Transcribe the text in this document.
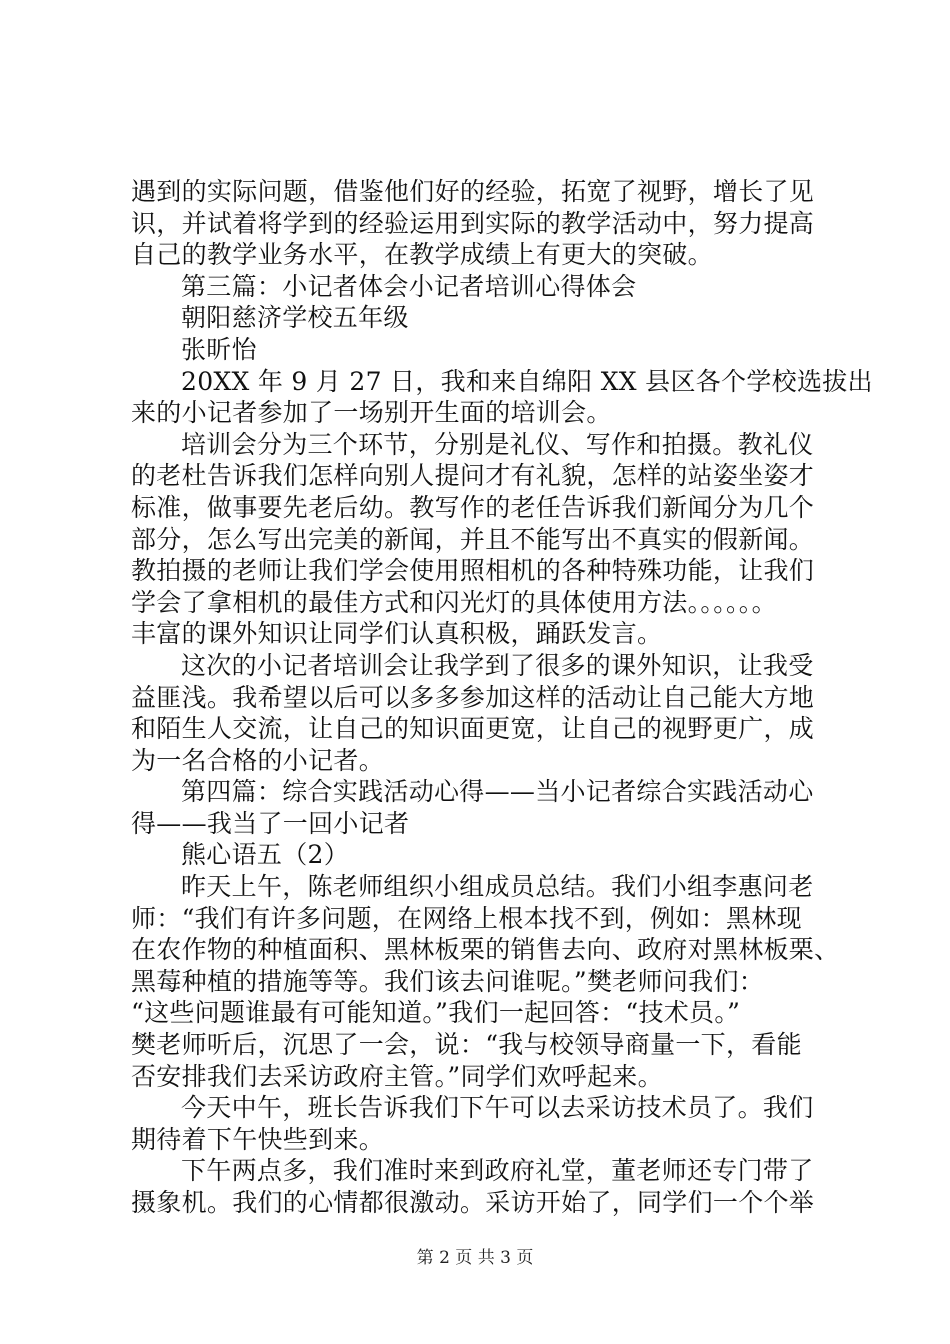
遇到的实际问题，借鉴他们好的经验，拓宽了视野，增长了见
识，并试着将学到的经验运用到实际的教学活动中，努力提高
自己的教学业务水平，在教学成绩上有更大的突破。
第三篇：小记者体会小记者培训心得体会
朝阳慈济学校五年级
张昕怡
20XX 年 9 月 27 日，我和来自绵阳 XX 县区各个学校选拔出
来的小记者参加了一场别开生面的培训会。
培训会分为三个环节，分别是礼仪、写作和拍摄。教礼仪
的老杜告诉我们怎样向别人提问才有礼貌，怎样的站姿坐姿才
标准，做事要先老后幼。教写作的老任告诉我们新闻分为几个
部分，怎么写出完美的新闻，并且不能写出不真实的假新闻。
教拍摄的老师让我们学会使用照相机的各种特殊功能，让我们
学会了拿相机的最佳方式和闪光灯的具体使用方法。。。。。。
丰富的课外知识让同学们认真积极，踊跃发言。
这次的小记者培训会让我学到了很多的课外知识，让我受
益匪浅。我希望以后可以多多参加这样的活动让自己能大方地
和陌生人交流，让自己的知识面更宽，让自己的视野更广，成
为一名合格的小记者。
第四篇：综合实践活动心得——当小记者综合实践活动心
得——我当了一回小记者
熊心语五（2）
昨天上午，陈老师组织小组成员总结。我们小组李惠问老
师：“我们有许多问题，在网络上根本找不到，例如：黑林现
在农作物的种植面积、黑林板栗的销售去向、政府对黑林板栗、
黑莓种植的措施等等。我们该去问谁呢。”樊老师问我们：
“这些问题谁最有可能知道。”我们一起回答：“技术员。”
樊老师听后，沉思了一会，说：“我与校领导商量一下，看能
否安排我们去采访政府主管。”同学们欢呼起来。
今天中午，班长告诉我们下午可以去采访技术员了。我们
期待着下午快些到来。
下午两点多，我们准时来到政府礼堂，董老师还专门带了
摄象机。我们的心情都很激动。采访开始了，同学们一个个举
第 2 页 共 3 页
